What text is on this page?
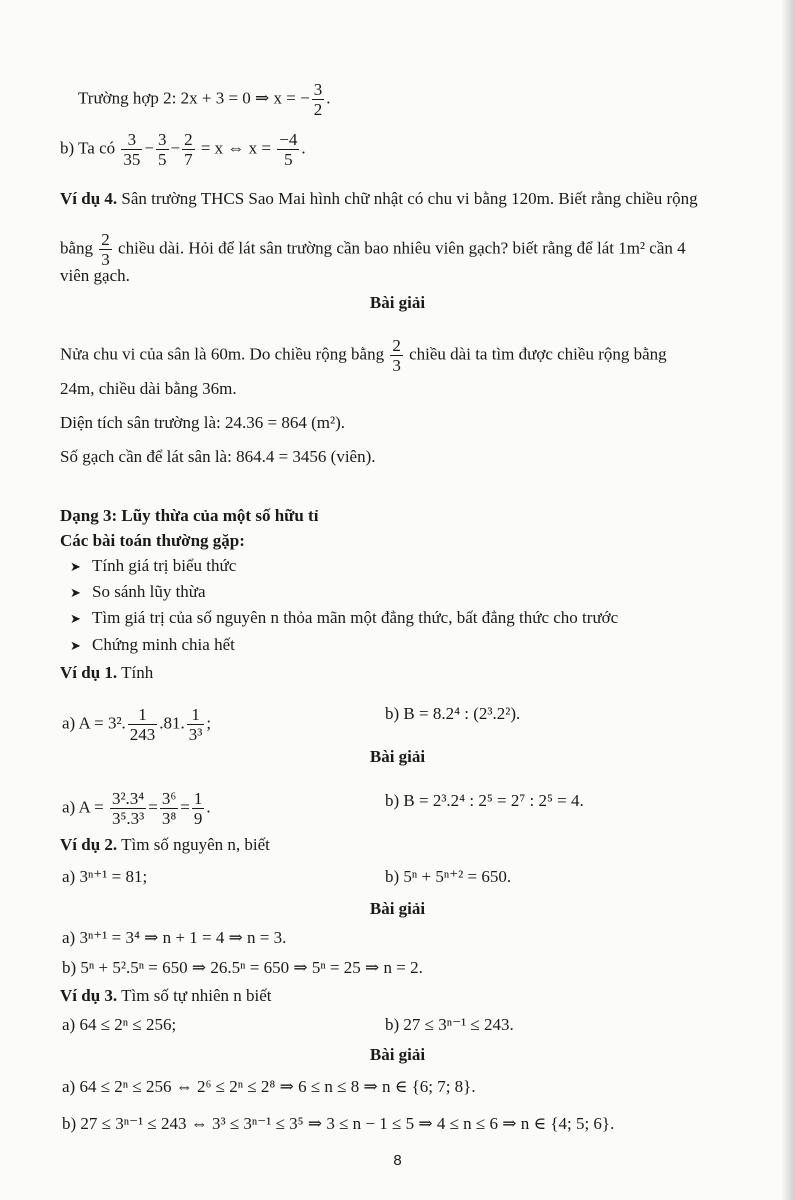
Trường hợp 2: 2x + 3 = 0 ⇒ x = − $\frac{3}{2}$ .
b) Ta có $\frac{3}{35} - \frac{3}{5} - \frac{2}{7} = x$ ⇔ $x = \frac{-4}{5}$ .
Ví dụ 4. Sân trường THCS Sao Mai hình chữ nhật có chu vi bằng 120m. Biết rằng chiều rộng
bằng $\frac{2}{3}$ chiều dài. Hỏi để lát sân trường cần bao nhiêu viên gạch? biết rằng để lát 1m² cần 4
viên gạch.
Bài giải
Nửa chu vi của sân là 60m. Do chiều rộng bằng $\frac{2}{3}$ chiều dài ta tìm được chiều rộng bằng
24m, chiều dài bằng 36m.
Diện tích sân trường là: 24.36 = 864 (m²).
Số gạch cần để lát sân là: 864.4 = 3456 (viên).
Dạng 3: Lũy thừa của một số hữu tỉ
Các bài toán thường gặp:
➤ Tính giá trị biểu thức
➤ So sánh lũy thừa
➤ Tìm giá trị của số nguyên n thỏa mãn một đẳng thức, bất đẳng thức cho trước
➤ Chứng minh chia hết
Ví dụ 1. Tính
a) A = 3². $\frac{1}{243} .81$. $\frac{1}{\text{3³}}$ ;	b) B = 8.2⁴ : (2³.2²).
Bài giải
a) $A = \frac{\text{3².3⁴}}{\text{3⁵.3³}} = \frac{\text{3⁶}}{\text{3⁸}} = \frac{1}{9}$ .	b) B = 2³.2⁴ : 2⁵ = 2⁷ : 2⁵ = 4.
Ví dụ 2. Tìm số nguyên n, biết
a) 3ⁿ⁺¹ = 81;	b) 5ⁿ + 5ⁿ⁺² = 650.
Bài giải
a) 3ⁿ⁺¹ = 3⁴ ⇒ n + 1 = 4 ⇒ n = 3.
b) 5ⁿ + 5².5ⁿ = 650 ⇒ 26.5ⁿ = 650 ⇒ 5ⁿ = 25 ⇒ n = 2.
Ví dụ 3. Tìm số tự nhiên n biết
a) 64 ≤ 2ⁿ ≤ 256;	b) 27 ≤ 3ⁿ⁻¹ ≤ 243.
Bài giải
a) 64 ≤ 2ⁿ ≤ 256 ⇔ 2⁶ ≤ 2ⁿ ≤ 2⁸ ⇒ 6 ≤ n ≤ 8 ⇒ n ∈ {6; 7; 8}.
b) 27 ≤ 3ⁿ⁻¹ ≤ 243 ⇔ 3³ ≤ 3ⁿ⁻¹ ≤ 3⁵ ⇒ 3 ≤ n − 1 ≤ 5 ⇒ 4 ≤ n ≤ 6 ⇒ n ∈ {4; 5; 6}.
8
